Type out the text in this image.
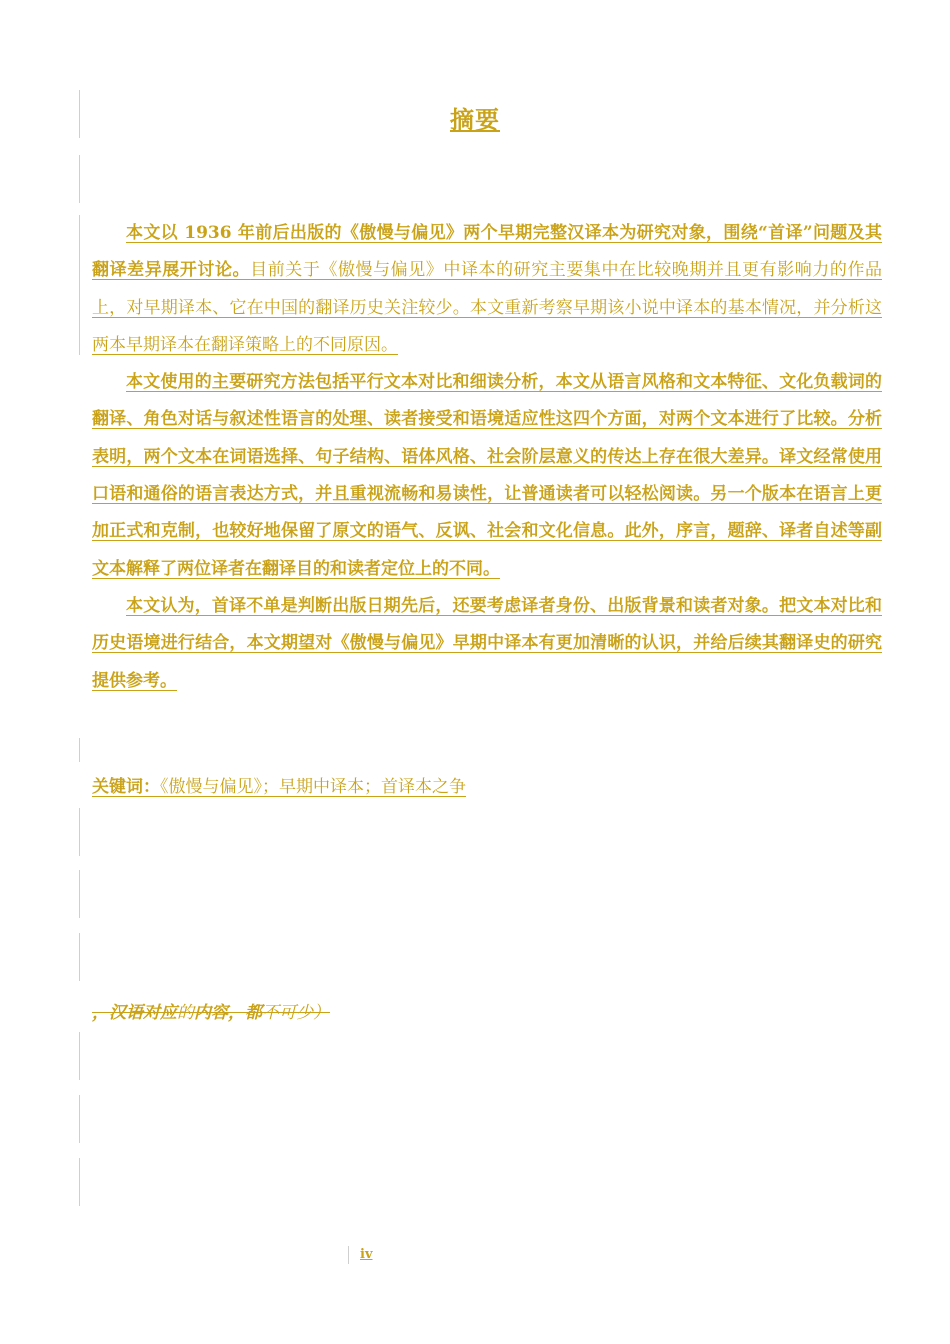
摘要

本文以 1936 年前后出版的《傲慢与偏见》两个早期完整汉译本为研究对象，围绕“首译”问题及其翻译差异展开讨论。目前关于《傲慢与偏见》中译本的研究主要集中在比较晚期并且更有影响力的作品上，对早期译本、它在中国的翻译历史关注较少。本文重新考察早期该小说中译本的基本情况，并分析这两本早期译本在翻译策略上的不同原因。

本文使用的主要研究方法包括平行文本对比和细读分析，本文从语言风格和文本特征、文化负载词的翻译、角色对话与叙述性语言的处理、读者接受和语境适应性这四个方面，对两个文本进行了比较。分析表明，两个文本在词语选择、句子结构、语体风格、社会阶层意义的传达上存在很大差异。译文经常使用口语和通俗的语言表达方式，并且重视流畅和易读性，让普通读者可以轻松阅读。另一个版本在语言上更加正式和克制，也较好地保留了原文的语气、反讽、社会和文化信息。此外，序言，题辞、译者自述等副文本解释了两位译者在翻译目的和读者定位上的不同。

本文认为，首译不单是判断出版日期先后，还要考虑译者身份、出版背景和读者对象。把文本对比和历史语境进行结合，本文期望对《傲慢与偏见》早期中译本有更加清晰的认识，并给后续其翻译史的研究提供参考。

关键词：《傲慢与偏见》；早期中译本；首译本之争
，汉语对应的内容，都不可少）
iv
